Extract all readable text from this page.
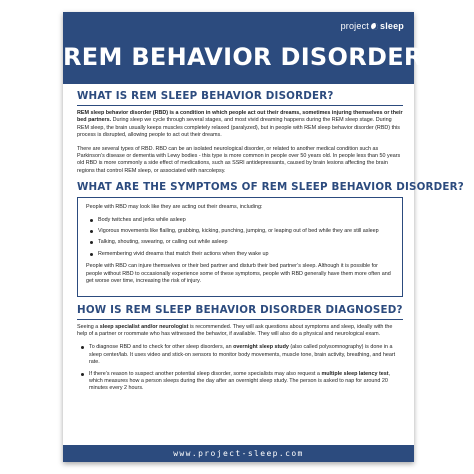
project sleep
REM BEHAVIOR DISORDER
WHAT IS REM SLEEP BEHAVIOR DISORDER?

REM sleep behavior disorder (RBD) is a condition in which people act out their dreams, sometimes injuring themselves or their bed partners. During sleep we cycle through several stages, and most vivid dreaming happens during the REM sleep stage. During REM sleep, the brain usually keeps muscles completely relaxed (paralyzed), but in people with REM sleep behavior disorder (RBD) this process is disrupted, allowing people to act out their dreams.

There are several types of RBD. RBD can be an isolated neurological disorder, or related to another medical condition such as Parkinson’s disease or dementia with Lewy bodies - this type is more common in people over 50 years old. In people less than 50 years old RBD is more commonly a side effect of medications, such as SSRI antidepressants, caused by brain lesions affecting the brain regions that control REM sleep, or associated with narcolepsy.

WHAT ARE THE SYMPTOMS OF REM SLEEP BEHAVIOR DISORDER?

People with RBD may look like they are acting out their dreams, including:

Body twitches and jerks while asleep
Vigorous movements like flailing, grabbing, kicking, punching, jumping, or leaping out of bed while they are still asleep
Talking, shouting, swearing, or calling out while asleep
Remembering vivid dreams that match their actions when they wake up

People with RBD can injure themselves or their bed partner and disturb their bed partner’s sleep. Although it is possible for people without RBD to occasionally experience some of these symptoms, people with RBD generally have them more often and get worse over time, increasing the risk of injury.

HOW IS REM SLEEP BEHAVIOR DISORDER DIAGNOSED?

Seeing a sleep specialist and/or neurologist is recommended. They will ask questions about symptoms and sleep, ideally with the help of a partner or roommate who has witnessed the behavior, if available. They will also do a physical and neurological exam.

To diagnose RBD and to check for other sleep disorders, an overnight sleep study (also called polysomnography) is done in a sleep center/lab. It uses video and stick-on sensors to monitor body movements, muscle tone, brain activity, breathing, and heart rate.
If there’s reason to suspect another potential sleep disorder, some specialists may also request a multiple sleep latency test, which measures how a person sleeps during the day after an overnight sleep study. The person is asked to nap for around 20 minutes every 2 hours.
www.project-sleep.com
